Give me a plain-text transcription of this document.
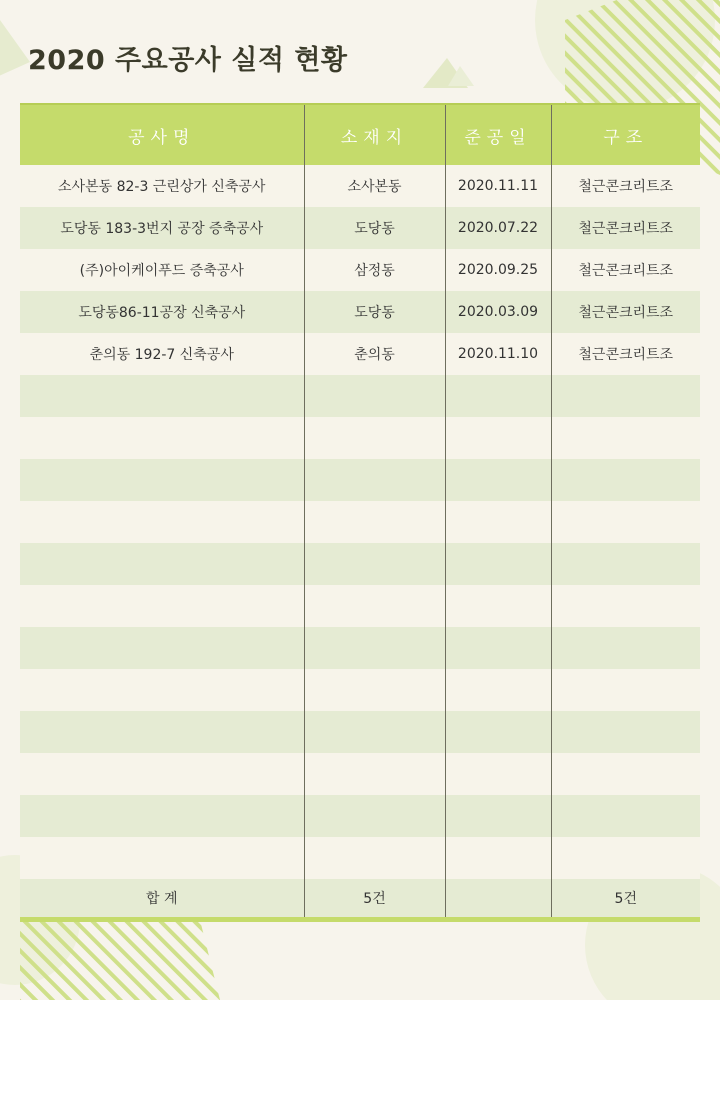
2020 주요공사 실적 현황
공사명	소재지	준공일	구조
소사본동 82-3 근린상가 신축공사	소사본동	2020.11.11	철근콘크리트조
도당동 183-3번지 공장 증축공사	도당동	2020.07.22	철근콘크리트조
(주)아이케이푸드 증축공사	삼정동	2020.09.25	철근콘크리트조
도당동86-11공장 신축공사	도당동	2020.03.09	철근콘크리트조
춘의동 192-7 신축공사	춘의동	2020.11.10	철근콘크리트조

합 계	5건		5건
